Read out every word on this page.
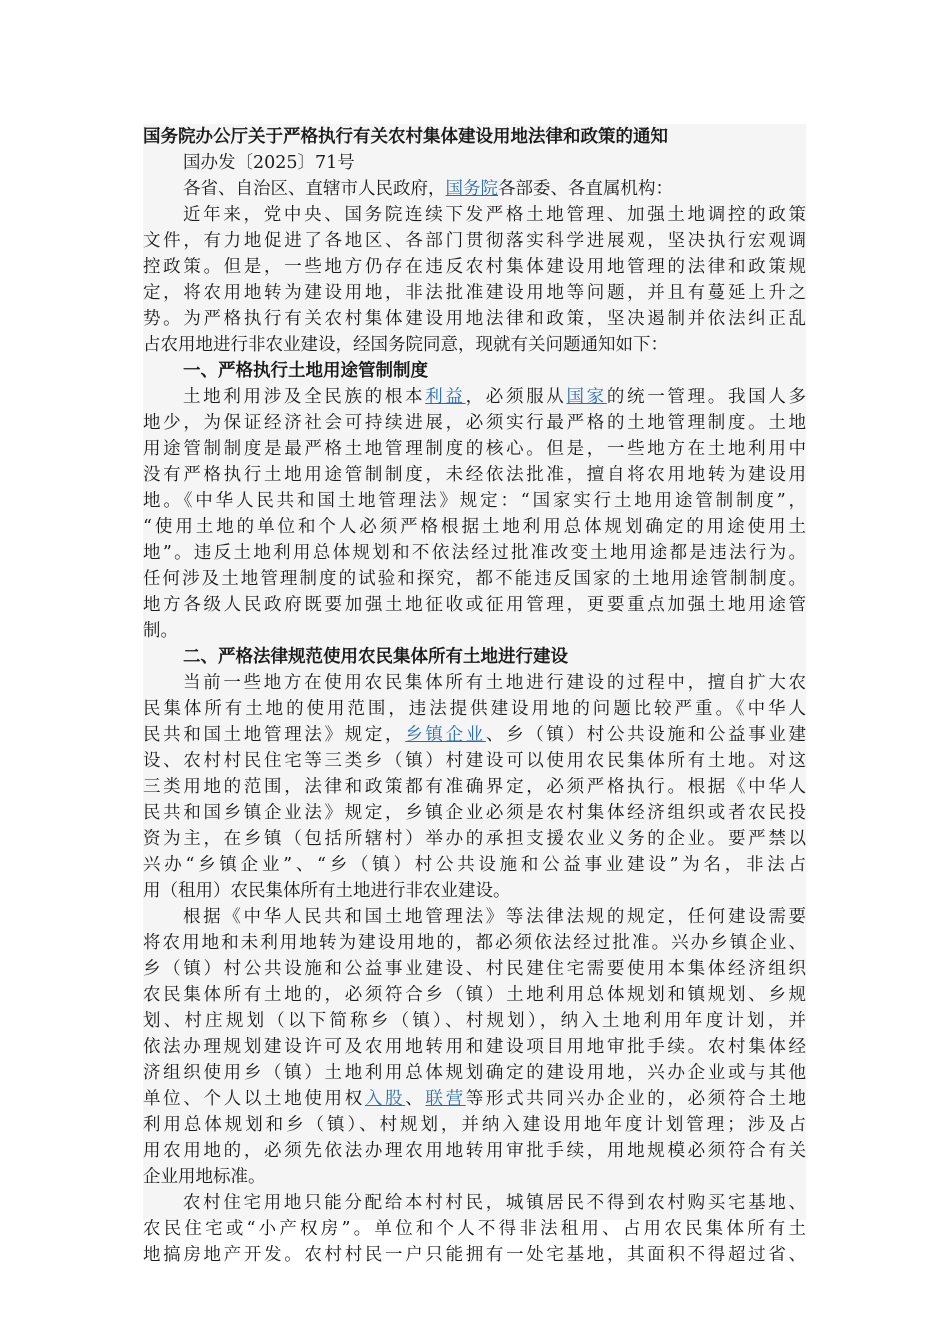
国务院办公厅关于严格执行有关农村集体建设用地法律和政策的通知
国办发〔2025〕71号
各省、自治区、直辖市人民政府，国务院各部委、各直属机构：
近年来，党中央、国务院连续下发严格土地管理、加强土地调控的政策
文件，有力地促进了各地区、各部门贯彻落实科学进展观，坚决执行宏观调
控政策。但是，一些地方仍存在违反农村集体建设用地管理的法律和政策规
定，将农用地转为建设用地，非法批准建设用地等问题，并且有蔓延上升之
势。为严格执行有关农村集体建设用地法律和政策，坚决遏制并依法纠正乱
占农用地进行非农业建设，经国务院同意，现就有关问题通知如下：
一、严格执行土地用途管制制度
土地利用涉及全民族的根本利益，必须服从国家的统一管理。我国人多
地少，为保证经济社会可持续进展，必须实行最严格的土地管理制度。土地
用途管制制度是最严格土地管理制度的核心。但是，一些地方在土地利用中
没有严格执行土地用途管制制度，未经依法批准，擅自将农用地转为建设用
地。《中华人民共和国土地管理法》规定：“国家实行土地用途管制制度”，
“使用土地的单位和个人必须严格根据土地利用总体规划确定的用途使用土
地”。违反土地利用总体规划和不依法经过批准改变土地用途都是违法行为。
任何涉及土地管理制度的试验和探究，都不能违反国家的土地用途管制制度。
地方各级人民政府既要加强土地征收或征用管理，更要重点加强土地用途管
制。
二、严格法律规范使用农民集体所有土地进行建设
当前一些地方在使用农民集体所有土地进行建设的过程中，擅自扩大农
民集体所有土地的使用范围，违法提供建设用地的问题比较严重。《中华人
民共和国土地管理法》规定，乡镇企业、乡（镇）村公共设施和公益事业建
设、农村村民住宅等三类乡（镇）村建设可以使用农民集体所有土地。对这
三类用地的范围，法律和政策都有准确界定，必须严格执行。根据《中华人
民共和国乡镇企业法》规定，乡镇企业必须是农村集体经济组织或者农民投
资为主，在乡镇（包括所辖村）举办的承担支援农业义务的企业。要严禁以
兴办“乡镇企业”、“乡（镇）村公共设施和公益事业建设”为名，非法占
用（租用）农民集体所有土地进行非农业建设。
根据《中华人民共和国土地管理法》等法律法规的规定，任何建设需要
将农用地和未利用地转为建设用地的，都必须依法经过批准。兴办乡镇企业、
乡（镇）村公共设施和公益事业建设、村民建住宅需要使用本集体经济组织
农民集体所有土地的，必须符合乡（镇）土地利用总体规划和镇规划、乡规
划、村庄规划（以下简称乡（镇）、村规划），纳入土地利用年度计划，并
依法办理规划建设许可及农用地转用和建设项目用地审批手续。农村集体经
济组织使用乡（镇）土地利用总体规划确定的建设用地，兴办企业或与其他
单位、个人以土地使用权入股、联营等形式共同兴办企业的，必须符合土地
利用总体规划和乡（镇）、村规划，并纳入建设用地年度计划管理；涉及占
用农用地的，必须先依法办理农用地转用审批手续，用地规模必须符合有关
企业用地标准。
农村住宅用地只能分配给本村村民，城镇居民不得到农村购买宅基地、
农民住宅或“小产权房”。单位和个人不得非法租用、占用农民集体所有土
地搞房地产开发。农村村民一户只能拥有一处宅基地，其面积不得超过省、
